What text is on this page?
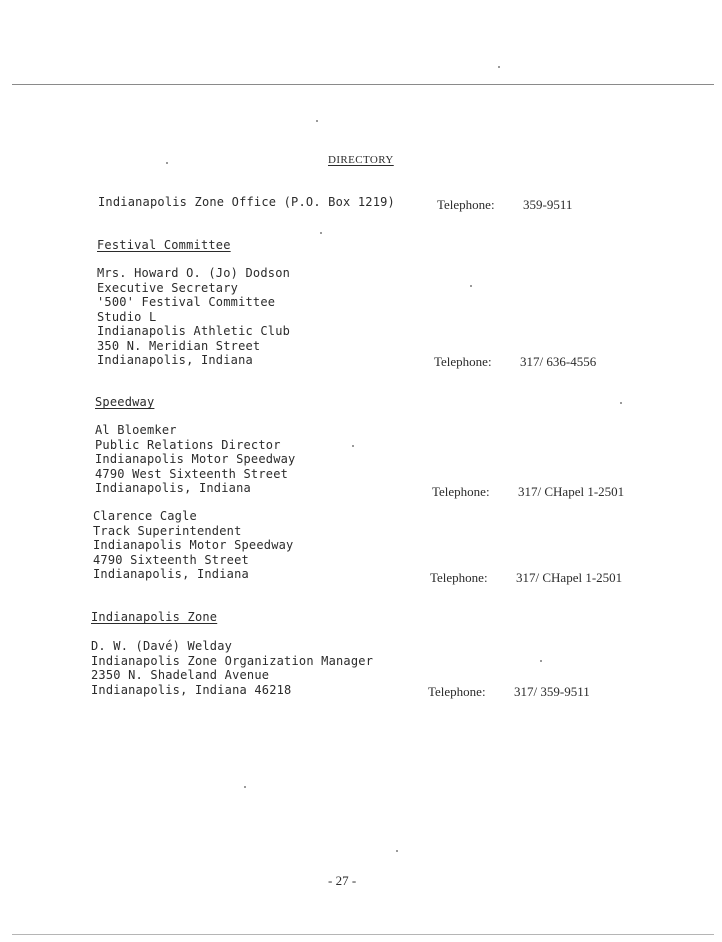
DIRECTORY
Indianapolis Zone Office (P.O. Box 1219)	Telephone: 359-9511
Festival Committee
Mrs. Howard O. (Jo) Dodson
Executive Secretary
'500' Festival Committee
Studio L
Indianapolis Athletic Club
350 N. Meridian Street
Indianapolis, Indiana	Telephone: 317/ 636-4556
Speedway
Al Bloemker
Public Relations Director
Indianapolis Motor Speedway
4790 West Sixteenth Street
Indianapolis, Indiana	Telephone: 317/ CHapel 1-2501
Clarence Cagle
Track Superintendent
Indianapolis Motor Speedway
4790 Sixteenth Street
Indianapolis, Indiana	Telephone: 317/ CHapel 1-2501
Indianapolis Zone
D. W. (Davé) Welday
Indianapolis Zone Organization Manager
2350 N. Shadeland Avenue
Indianapolis, Indiana 46218	Telephone: 317/ 359-9511
- 27 -
